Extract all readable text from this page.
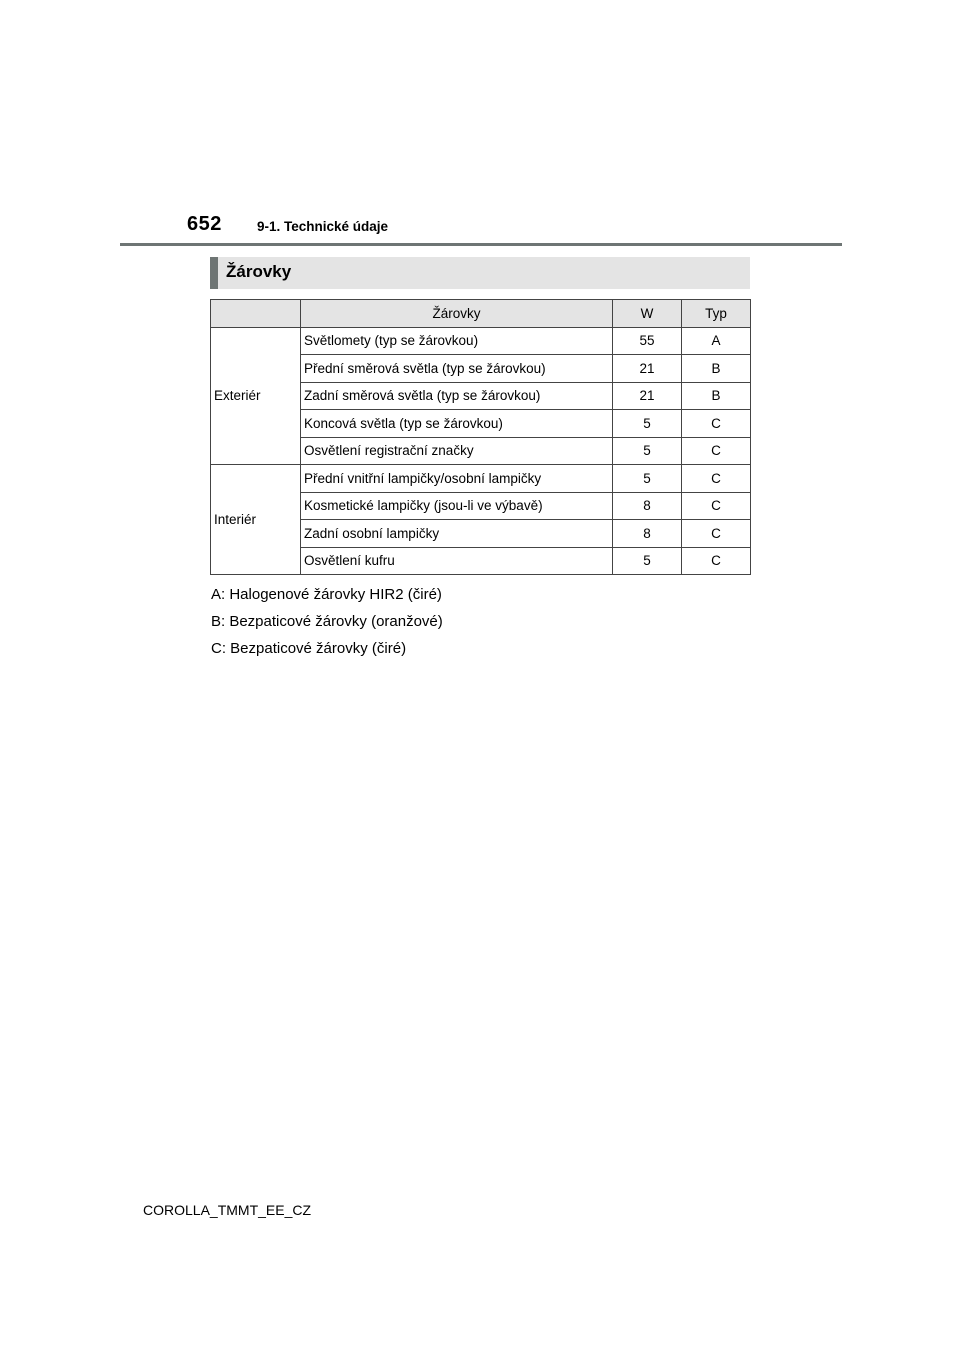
652	9-1. Technické údaje
Žárovky
	Žárovky	W	Typ
Exteriér	Světlomety (typ se žárovkou)	55	A
	Přední směrová světla (typ se žárovkou)	21	B
	Zadní směrová světla (typ se žárovkou)	21	B
	Koncová světla (typ se žárovkou)	5	C
	Osvětlení registrační značky	5	C
Interiér	Přední vnitřní lampičky/osobní lampičky	5	C
	Kosmetické lampičky (jsou-li ve výbavě)	8	C
	Zadní osobní lampičky	8	C
	Osvětlení kufru	5	C
A: Halogenové žárovky HIR2 (čiré)
B: Bezpaticové žárovky (oranžové)
C: Bezpaticové žárovky (čiré)
COROLLA_TMMT_EE_CZ
